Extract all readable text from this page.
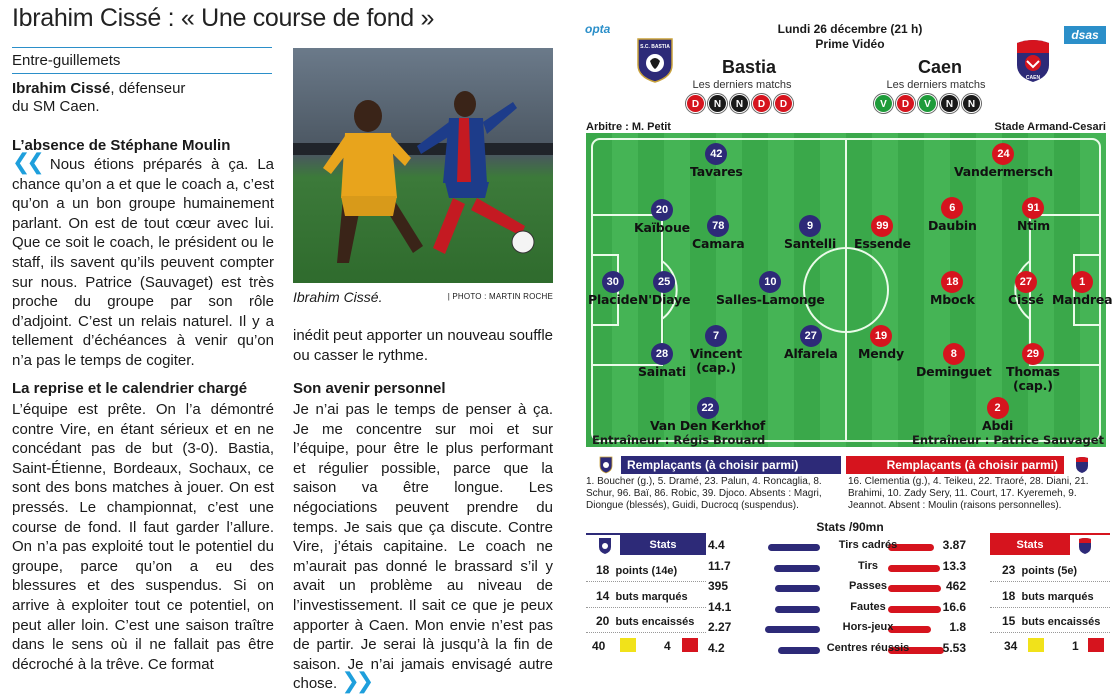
Ibrahim Cissé : « Une course de fond »
Entre-guillemets
Ibrahim Cissé, défenseur
du SM Caen.
L’absence de Stéphane Moulin
❮❮ Nous étions préparés à ça. La chance qu’on a et que le coach a, c’est qu’on a un bon groupe humainement parlant. On est de tout cœur avec lui. Que ce soit le coach, le président ou le staff, ils savent qu’ils peuvent compter sur nous. Patrice (Sauvaget) est très proche du groupe par son rôle d’adjoint. C’est un relais naturel. Il y a tellement d’échéances à venir qu’on n’a pas le temps de cogiter.
La reprise et le calendrier chargé
L’équipe est prête. On l’a démontré contre Vire, en étant sérieux et en ne concédant pas de but (3-0). Bastia, Saint-Étienne, Bordeaux, Sochaux, ce sont des bons matches à jouer. On est pressés. Le championnat, c’est une course de fond. Il faut garder l’allure. On n’a pas exploité tout le potentiel du groupe, parce qu’on a eu des blessures et des suspendus. Si on arrive à exploiter tout ce potentiel, on peut aller loin. C’est une saison traître dans le sens où il ne fallait pas être décroché à la trêve. Ce format
Ibrahim Cissé.	| PHOTO : MARTIN ROCHE
inédit peut apporter un nouveau souffle ou casser le rythme.
Son avenir personnel
Je n’ai pas le temps de penser à ça. Je me concentre sur moi et sur l’équipe, pour être le plus performant et régulier possible, parce que la saison va être longue. Les négociations peuvent prendre du temps. Je sais que ça discute. Contre Vire, j’étais capitaine. Le coach ne m’aurait pas donné le brassard s’il y avait un problème au niveau de l’investissement. Il sait ce que je peux apporter à Caen. Mon envie n’est pas de partir. Je serai là jusqu’à la fin de saison. Je n’ai jamais envisagé autre chose. ❯❯
opta	dsas
Lundi 26 décembre (21 h)
Prime Vidéo
S.C. BASTIA
CAEN
Bastia	Caen
Les derniers matchs	Les derniers matchs
D	N	N	D	D	V	D	V	N	N
Arbitre : M. Petit	Stade Armand-Cesari
42
Tavares
20
Kaïboue	78
Camara
9
Santelli
30
Placide
25
N'Diaye
10
Salles-Lamonge
7
Vincent
(cap.)
27
Alfarela
28
Sainati
22
Van Den Kerkhof
24
Vandermersch
99
Essende
6
Daubin
91
Ntim
18
Mbock
27
Cissé
1
Mandrea
19
Mendy	8
Deminguet
29
Thomas
(cap.)
2
Abdi
Entraîneur : Régis Brouard	Entraîneur : Patrice Sauvaget
Remplaçants (à choisir parmi)	Remplaçants (à choisir parmi)
1. Boucher (g.), 5. Dramé, 23. Palun, 4. Roncaglia, 8. Schur, 96. Baï, 86. Robic, 39. Djoco. Absents : Magri, Diongue (blessés), Guidi, Ducrocq (suspendus).
16. Clementia (g.), 4. Teikeu, 22. Traoré, 28. Diani, 21. Brahimi, 10. Zady Sery, 11. Court, 17. Kyeremeh, 9. Jeannot. Absent : Moulin (raisons personnelles).
Stats /90mn
Stats
18 points (14e)
14 buts marqués
20 buts encaissés
40	4
Stats
23 points (5e)
18 buts marqués
15 buts encaissés
34	1
4.4	Tirs cadrés	3.87
11.7	Tirs	13.3
395	Passes	462
14.1	Fautes	16.6
2.27	Hors-jeux	1.8
4.2	Centres réussis	5.53
